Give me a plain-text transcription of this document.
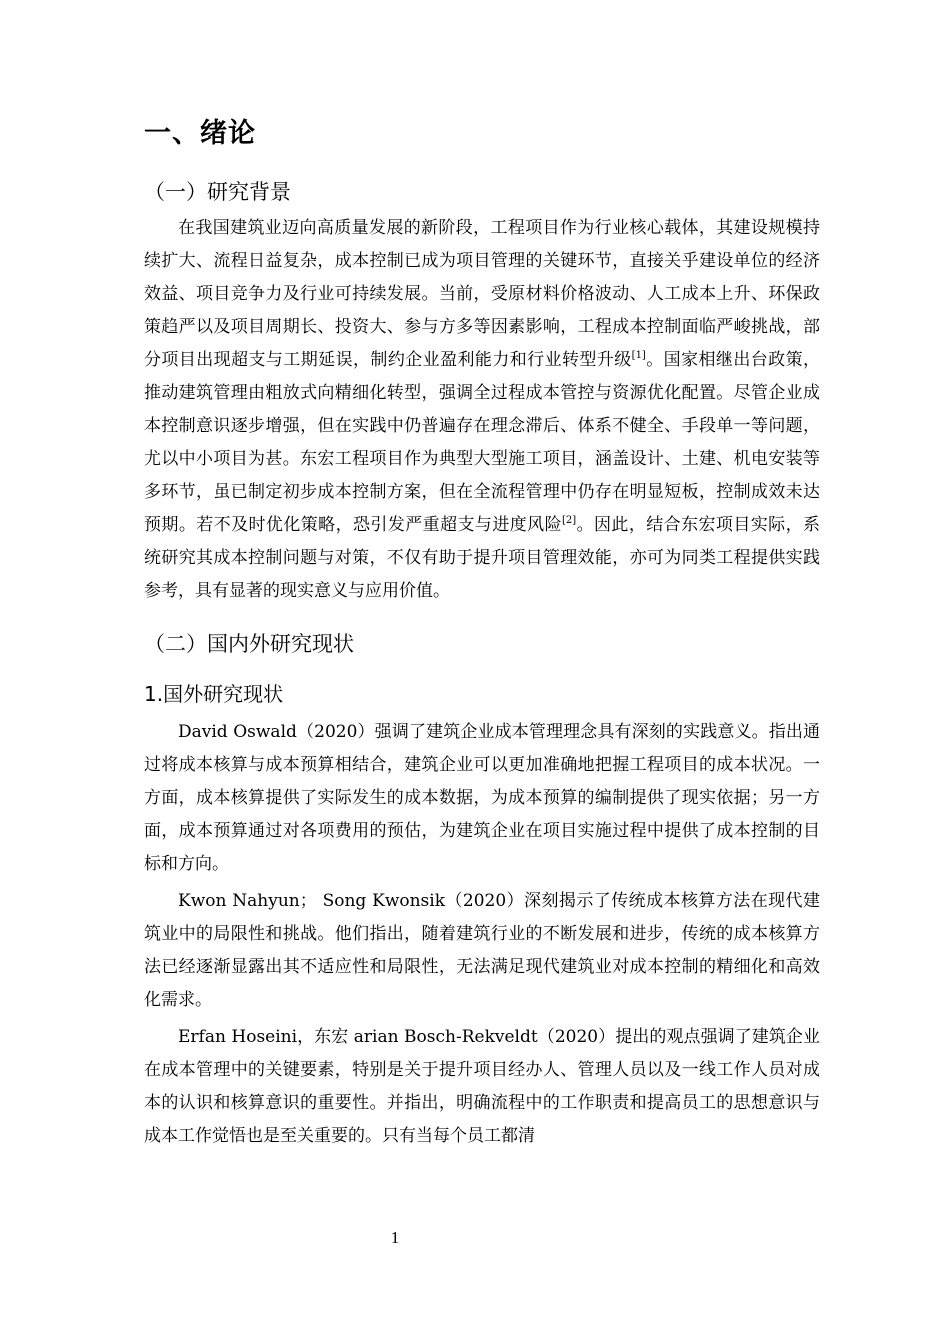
一、绪论
（一）研究背景

在我国建筑业迈向高质量发展的新阶段，工程项目作为行业核心载体，其建设规模持续扩大、流程日益复杂，成本控制已成为项目管理的关键环节，直接关乎建设单位的经济效益、项目竞争力及行业可持续发展。当前，受原材料价格波动、人工成本上升、环保政策趋严以及项目周期长、投资大、参与方多等因素影响，工程成本控制面临严峻挑战，部分项目出现超支与工期延误，制约企业盈利能力和行业转型升级[1]。国家相继出台政策，推动建筑管理由粗放式向精细化转型，强调全过程成本管控与资源优化配置。尽管企业成本控制意识逐步增强，但在实践中仍普遍存在理念滞后、体系不健全、手段单一等问题，尤以中小项目为甚。东宏工程项目作为典型大型施工项目，涵盖设计、土建、机电安装等多环节，虽已制定初步成本控制方案，但在全流程管理中仍存在明显短板，控制成效未达预期。若不及时优化策略，恐引发严重超支与进度风险[2]。因此，结合东宏项目实际，系统研究其成本控制问题与对策，不仅有助于提升项目管理效能，亦可为同类工程提供实践参考，具有显著的现实意义与应用价值。

（二）国内外研究现状
1.国外研究现状

David Oswald（2020）强调了建筑企业成本管理理念具有深刻的实践意义。指出通过将成本核算与成本预算相结合，建筑企业可以更加准确地把握工程项目的成本状况。一方面，成本核算提供了实际发生的成本数据，为成本预算的编制提供了现实依据；另一方面，成本预算通过对各项费用的预估，为建筑企业在项目实施过程中提供了成本控制的目标和方向。

Kwon Nahyun； Song Kwonsik（2020）深刻揭示了传统成本核算方法在现代建筑业中的局限性和挑战。他们指出，随着建筑行业的不断发展和进步，传统的成本核算方法已经逐渐显露出其不适应性和局限性，无法满足现代建筑业对成本控制的精细化和高效化需求。

Erfan Hoseini，东宏 arian Bosch-Rekveldt（2020）提出的观点强调了建筑企业在成本管理中的关键要素，特别是关于提升项目经办人、管理人员以及一线工作人员对成本的认识和核算意识的重要性。并指出，明确流程中的工作职责和提高员工的思想意识与成本工作觉悟也是至关重要的。只有当每个员工都清

1
